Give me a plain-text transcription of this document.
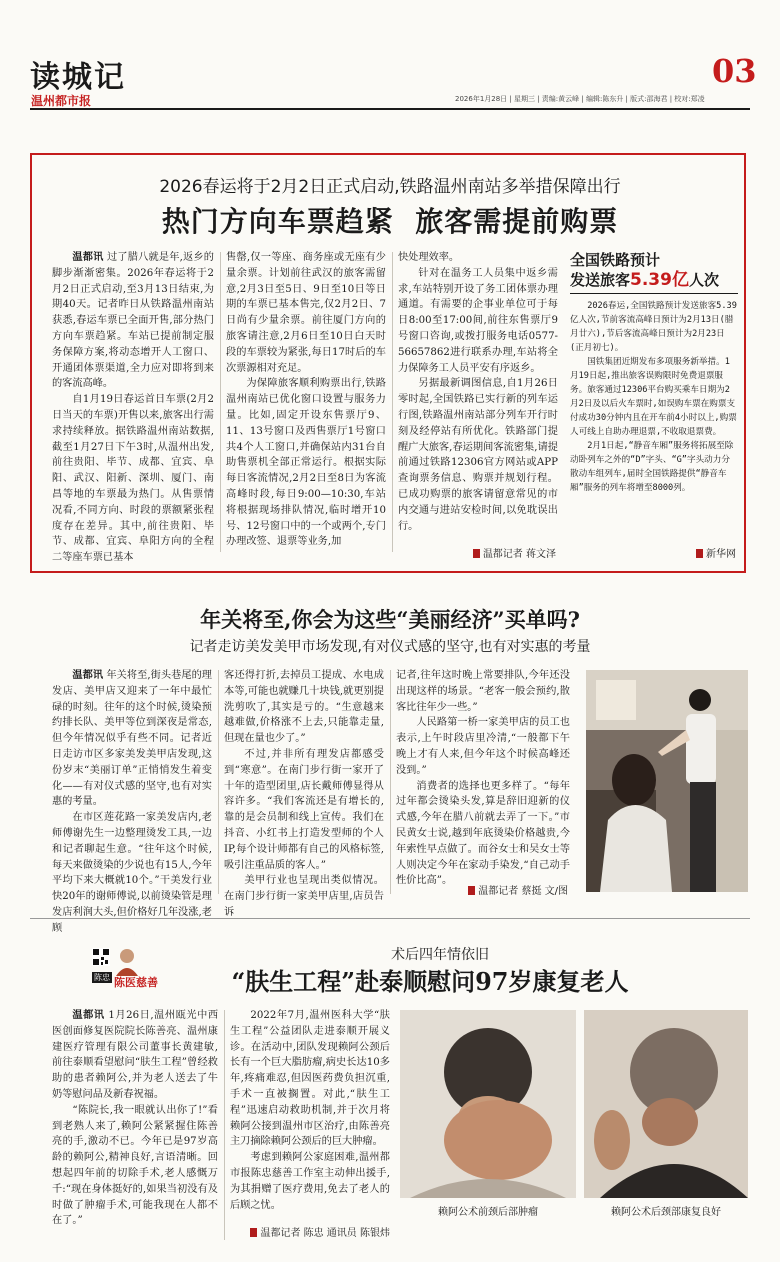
读城记
温州都市报
03
2026年1月28日 | 星期三 | 责编:黄云峰 | 编辑:陈东升 | 版式:邵海君 | 校对:郑凌
2026春运将于2月2日正式启动,铁路温州南站多举措保障出行
热门方向车票趋紧  旅客需提前购票

温都讯 过了腊八就是年,返乡的脚步渐渐密集。2026年春运将于2月2日正式启动,至3月13日结束,为期40天。记者昨日从铁路温州南站获悉,春运车票已全面开售,部分热门方向车票趋紧。车站已提前制定服务保障方案,将动态增开人工窗口、开通团体票渠道,全力应对即将到来的客流高峰。

自1月19日春运首日车票(2月2日当天的车票)开售以来,旅客出行需求持续释放。据铁路温州南站数据,截至1月27日下午3时,从温州出发,前往贵阳、毕节、成都、宜宾、阜阳、武汉、阳新、深圳、厦门、南昌等地的车票最为热门。从售票情况看,不同方向、时段的票额紧张程度存在差异。其中,前往贵阳、毕节、成都、宜宾、阜阳方向的全程二等座车票已基本

售罄,仅一等座、商务座或无座有少量余票。计划前往武汉的旅客需留意,2月3日至5日、9日至10日等日期的车票已基本售完,仅2月2日、7日尚有少量余票。前往厦门方向的旅客请注意,2月6日至10日白天时段的车票较为紧张,每日17时后的车次票源相对充足。

为保障旅客顺利购票出行,铁路温州南站已优化窗口设置与服务力量。比如,固定开设东售票厅9、11、13号窗口及西售票厅1号窗口共4个人工窗口,并确保站内31台自助售票机全部正常运行。根据实际每日客流情况,2月2日至8日为客流高峰时段,每日9:00—10:30,车站将根据现场排队情况,临时增开10号、12号窗口中的一个或两个,专门办理改签、退票等业务,加

快处理效率。

针对在温务工人员集中返乡需求,车站特别开设了务工团体票办理通道。有需要的企事业单位可于每日8:00至17:00间,前往东售票厅9号窗口咨询,或拨打服务电话0577-56657862进行联系办理,车站将全力保障务工人员平安有序返乡。

另据最新调图信息,自1月26日零时起,全国铁路已实行新的列车运行图,铁路温州南站部分列车开行时刻及经停站有所优化。铁路部门提醒广大旅客,春运期间客流密集,请提前通过铁路12306官方网站或APP查询票务信息、购票并规划行程。已成功购票的旅客请留意常见的市内交通与进站安检时间,以免耽误出行。

温都记者 蒋文泽
全国铁路预计
发送旅客5.39亿人次

2026春运,全国铁路预计发送旅客5.39亿人次,节前客流高峰日预计为2月13日(腊月廿六),节后客流高峰日预计为2月23日(正月初七)。

国铁集团近期发布多项服务新举措。1月19日起,推出旅客误购限时免费退票服务。旅客通过12306平台购买乘车日期为2月2日及以后火车票时,如误购车票在购票支付成功30分钟内且在开车前4小时以上,购票人可线上自助办理退票,不收取退票费。

2月1日起,“静音车厢”服务将拓展至除动卧列车之外的“D”字头、“G”字头动力分散动车组列车,届时全国铁路提供“静音车厢”服务的列车将增至8000列。

新华网
年关将至,你会为这些“美丽经济”买单吗?
记者走访美发美甲市场发现,有对仪式感的坚守,也有对实惠的考量

温都讯 年关将至,街头巷尾的理发店、美甲店又迎来了一年中最忙碌的时刻。往年的这个时候,烫染预约排长队、美甲等位到深夜是常态,但今年情况似乎有些不同。记者近日走访市区多家美发美甲店发现,这份岁末“美丽订单”正悄悄发生着变化——有对仪式感的坚守,也有对实惠的考量。

在市区莲花路一家美发店内,老师傅谢先生一边整理烫发工具,一边和记者聊起生意。“往年这个时候,每天来做烫染的少说也有15人,今年平均下来大概就10个。”干美发行业快20年的谢师傅说,以前烫染管是理发店利润大头,但价格好几年没涨,老顾

客还得打折,去掉员工提成、水电成本等,可能也就赚几十块钱,就更别提洗剪吹了,其实是亏的。“生意越来越难做,价格涨不上去,只能靠走量,但现在量也少了。”

不过,并非所有理发店都感受到“寒意”。在南门步行街一家开了十年的造型团里,店长戴师傅显得从容许多。“我们客流还是有增长的,靠的是会员制和线上宣传。我们在抖音、小红书上打造发型师的个人IP,每个设计师都有自己的风格标签,吸引注重品质的客人。”

美甲行业也呈现出类似情况。在南门步行街一家美甲店里,店员告诉

记者,往年这时晚上常要排队,今年还没出现这样的场景。“老客一般会预约,散客比往年少一些。”

人民路第一桥一家美甲店的员工也表示,上午时段店里冷清,“一般都下午晚上才有人来,但今年这个时候高峰还没到。”

消费者的选择也更多样了。“每年过年都会烫染头发,算是辞旧迎新的仪式感,今年在腊八前就去弄了一下。”市民黄女士说,越到年底烫染价格越贵,今年索性早点做了。而谷女士和吴女士等人则决定今年在家动手染发,“自己动手性价比高”。

温都记者 蔡挺 文/图
陈忠 陈医慈善
术后四年情依旧
“肤生工程”赴泰顺慰问97岁康复老人

温都讯 1月26日,温州瓯光中西医创面修复医院院长陈善亮、温州康建医疗管理有限公司董事长黄建敏,前往泰顺看望慰问“肤生工程”曾经救助的患者赖阿公,并为老人送去了牛奶等慰问品及新春祝福。

“陈院长,我一眼就认出你了!”看到老熟人来了,赖阿公紧紧握住陈善亮的手,激动不已。今年已是97岁高龄的赖阿公,精神良好,言语清晰。回想起四年前的切除手术,老人感慨万千:“现在身体挺好的,如果当初没有及时做了肿瘤手术,可能我现在人都不在了。”

2022年7月,温州医科大学“肤生工程”公益团队走进泰顺开展义诊。在活动中,团队发现赖阿公颈后长有一个巨大脂肪瘤,病史长达10多年,疼痛难忍,但因医药费负担沉重,手术一直被搁置。对此,“肤生工程”迅速启动救助机制,并于次月将赖阿公接到温州市区治疗,由陈善亮主刀摘除赖阿公颈后的巨大肿瘤。

考虑到赖阿公家庭困难,温州都市报陈忠慈善工作室主动伸出援手,为其捐赠了医疗费用,免去了老人的后顾之忧。

温都记者 陈忠 通讯员 陈银炜
赖阿公术前颈后部肿瘤	赖阿公术后颈部康复良好
